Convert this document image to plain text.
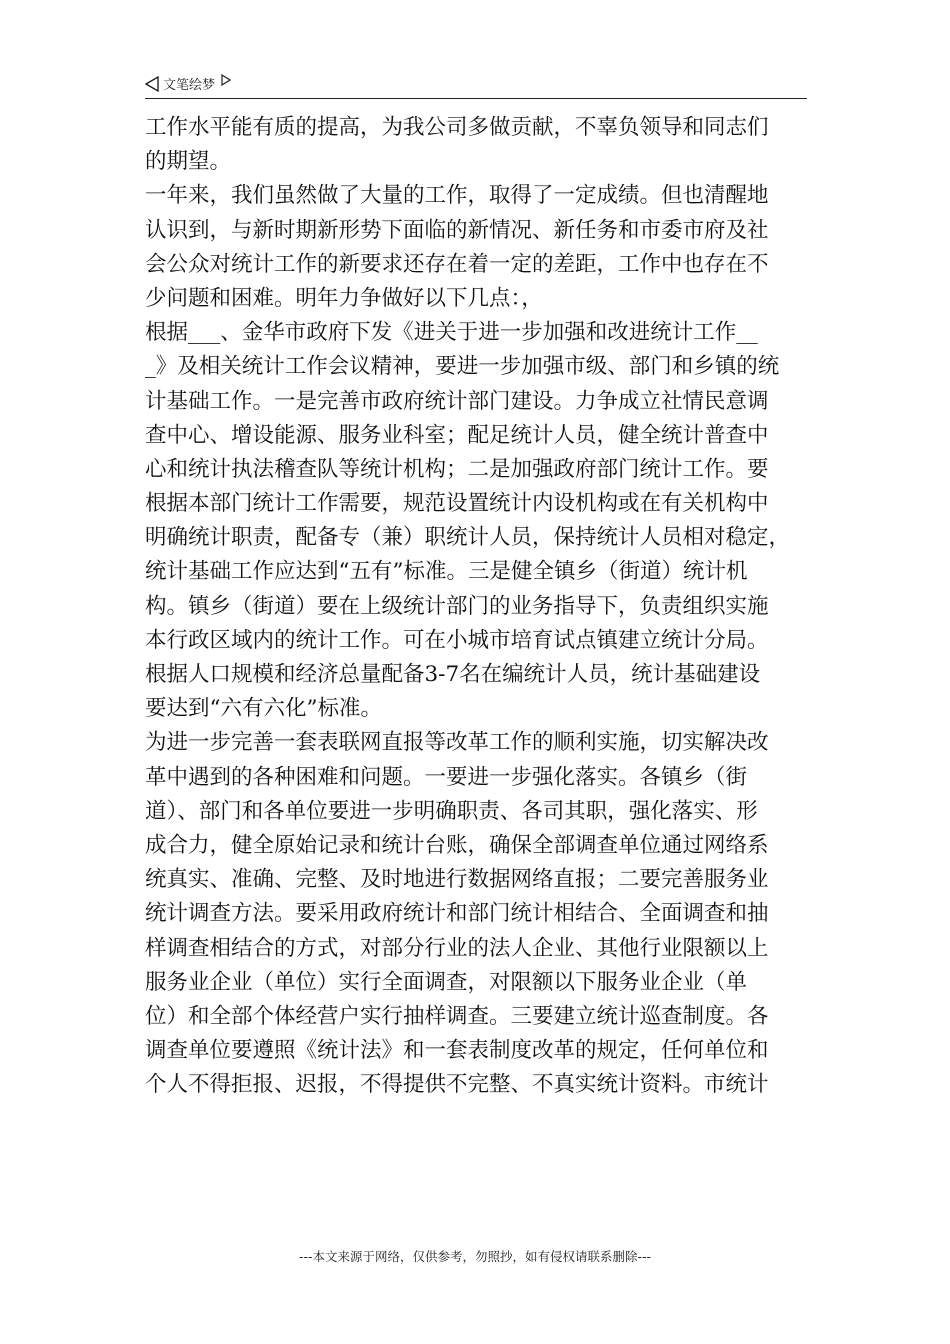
文笔绘梦
工作水平能有质的提高，为我公司多做贡献，不辜负领导和同志们
的期望。
一年来，我们虽然做了大量的工作，取得了一定成绩。但也清醒地
认识到，与新时期新形势下面临的新情况、新任务和市委市府及社
会公众对统计工作的新要求还存在着一定的差距，工作中也存在不
少问题和困难。明年力争做好以下几点：，
根据___、金华市政府下发《进关于进一步加强和改进统计工作__
_》及相关统计工作会议精神，要进一步加强市级、部门和乡镇的统
计基础工作。一是完善市政府统计部门建设。力争成立社情民意调
查中心、增设能源、服务业科室；配足统计人员，健全统计普查中
心和统计执法稽查队等统计机构；二是加强政府部门统计工作。要
根据本部门统计工作需要，规范设置统计内设机构或在有关机构中
明确统计职责，配备专（兼）职统计人员，保持统计人员相对稳定，
统计基础工作应达到“五有”标准。三是健全镇乡（街道）统计机
构。镇乡（街道）要在上级统计部门的业务指导下，负责组织实施
本行政区域内的统计工作。可在小城市培育试点镇建立统计分局。
根据人口规模和经济总量配备3-7名在编统计人员，统计基础建设
要达到“六有六化”标准。
为进一步完善一套表联网直报等改革工作的顺利实施，切实解决改
革中遇到的各种困难和问题。一要进一步强化落实。各镇乡（街
道）、部门和各单位要进一步明确职责、各司其职，强化落实、形
成合力，健全原始记录和统计台账，确保全部调查单位通过网络系
统真实、准确、完整、及时地进行数据网络直报；二要完善服务业
统计调查方法。要采用政府统计和部门统计相结合、全面调查和抽
样调查相结合的方式，对部分行业的法人企业、其他行业限额以上
服务业企业（单位）实行全面调查，对限额以下服务业企业（单
位）和全部个体经营户实行抽样调查。三要建立统计巡查制度。各
调查单位要遵照《统计法》和一套表制度改革的规定，任何单位和
个人不得拒报、迟报，不得提供不完整、不真实统计资料。市统计
---本文来源于网络，仅供参考，勿照抄，如有侵权请联系删除---
